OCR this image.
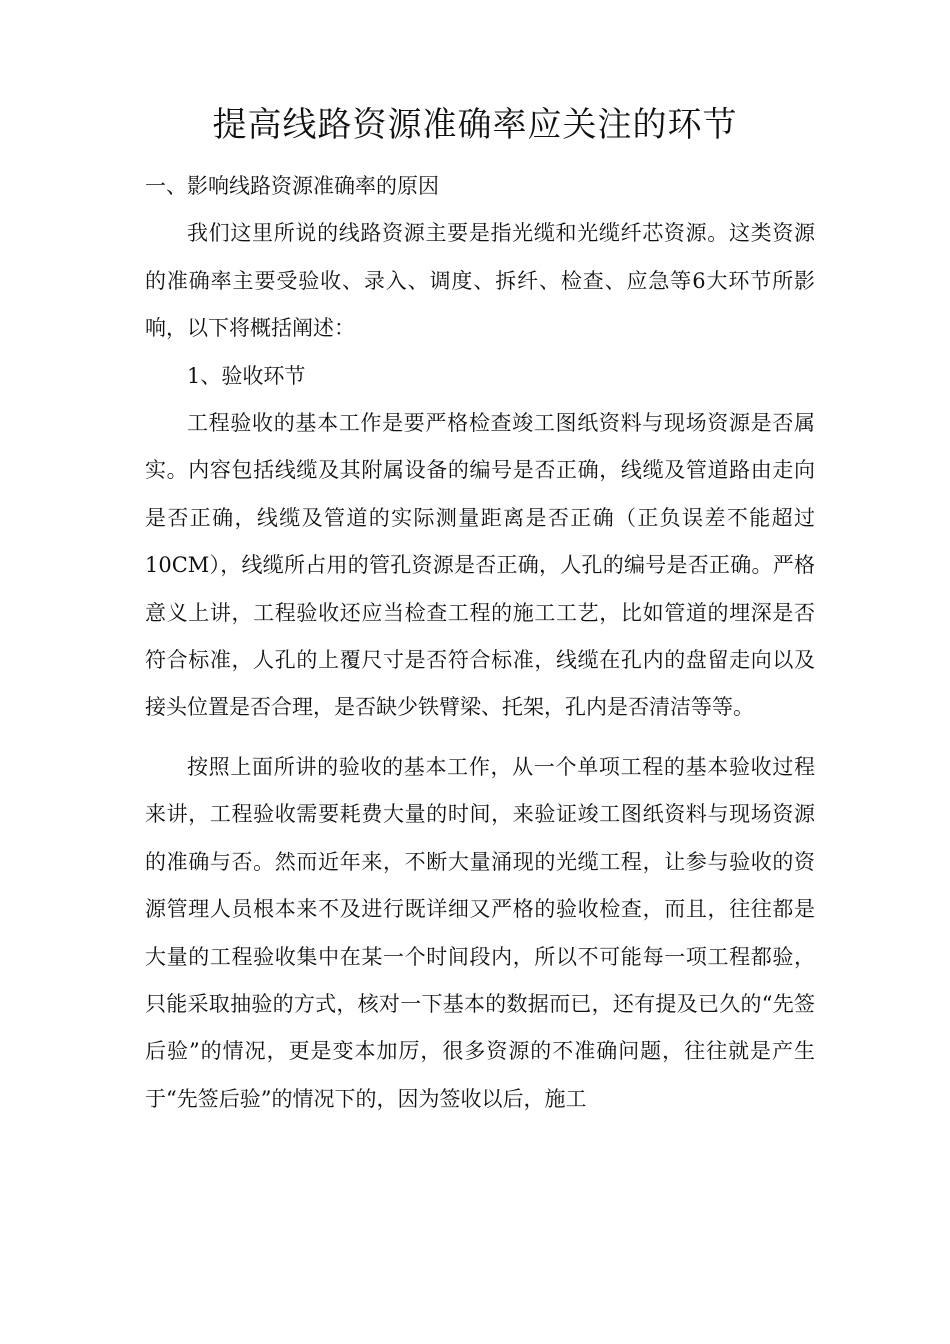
提高线路资源准确率应关注的环节

一、影响线路资源准确率的原因

我们这里所说的线路资源主要是指光缆和光缆纤芯资源。这类资源的准确率主要受验收、录入、调度、拆纤、检查、应急等6大环节所影响，以下将概括阐述：

1、验收环节

工程验收的基本工作是要严格检查竣工图纸资料与现场资源是否属实。内容包括线缆及其附属设备的编号是否正确，线缆及管道路由走向是否正确，线缆及管道的实际测量距离是否正确（正负误差不能超过 10CM），线缆所占用的管孔资源是否正确，人孔的编号是否正确。严格意义上讲，工程验收还应当检查工程的施工工艺，比如管道的埋深是否符合标准，人孔的上覆尺寸是否符合标准，线缆在孔内的盘留走向以及接头位置是否合理，是否缺少铁臂梁、托架，孔内是否清洁等等。

按照上面所讲的验收的基本工作，从一个单项工程的基本验收过程来讲，工程验收需要耗费大量的时间，来验证竣工图纸资料与现场资源的准确与否。然而近年来，不断大量涌现的光缆工程，让参与验收的资源管理人员根本来不及进行既详细又严格的验收检查，而且，往往都是大量的工程验收集中在某一个时间段内，所以不可能每一项工程都验，只能采取抽验的方式，核对一下基本的数据而已，还有提及已久的“先签后验”的情况，更是变本加厉，很多资源的不准确问题，往往就是产生于“先签后验”的情况下的，因为签收以后，施工
